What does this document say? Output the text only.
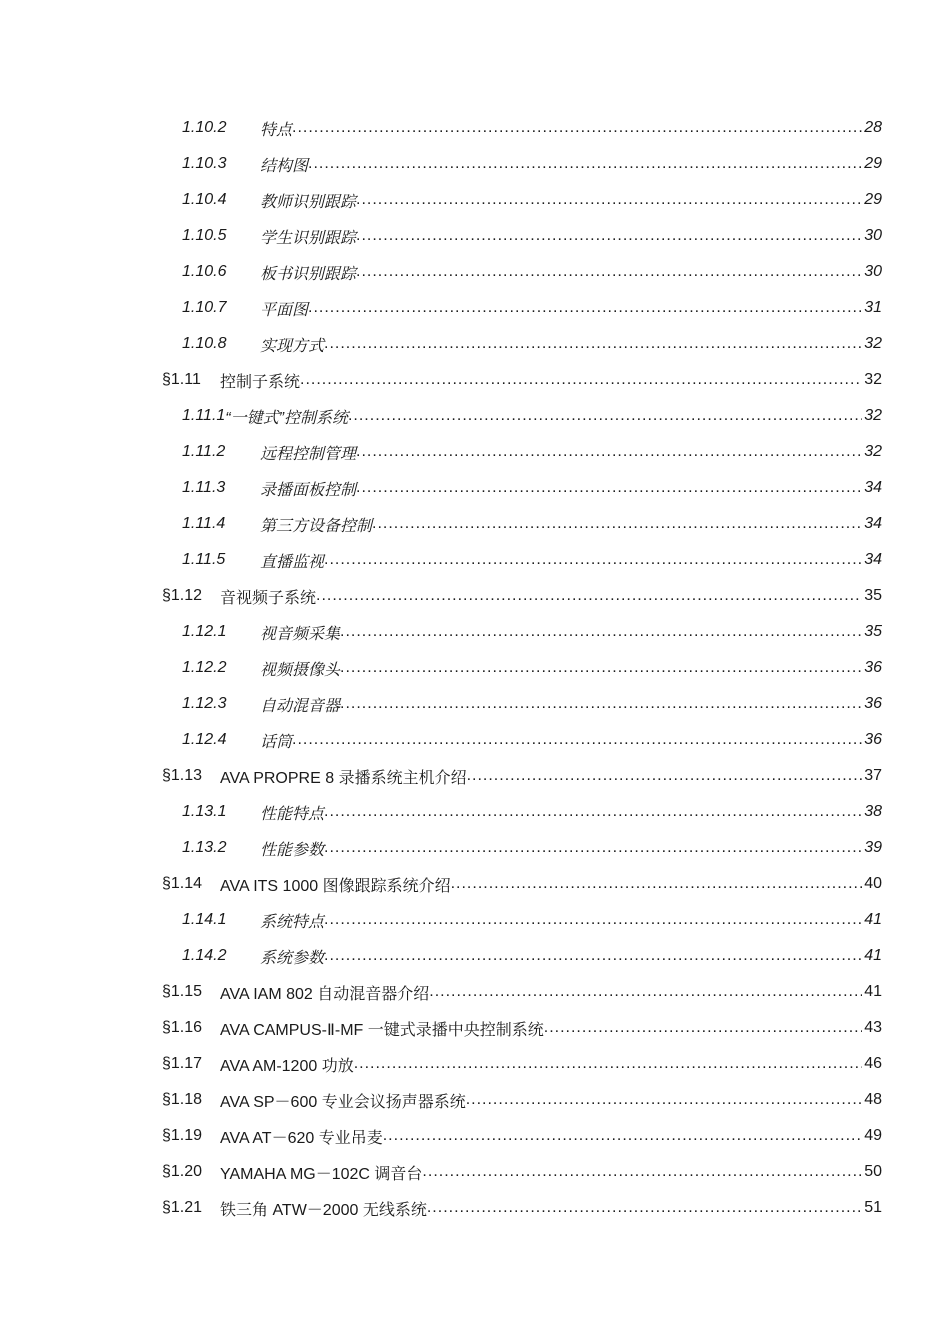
1.10.2	特点 .....	28
1.10.3	结构图 .....	29
1.10.4	教师识别跟踪 .....	29
1.10.5	学生识别跟踪 .....	30
1.10.6	板书识别跟踪 .....	30
1.10.7	平面图 .....	31
1.10.8	实现方式 .....	32
§1.11	控制子系统 .....	32
1.11.1 “一键式”控制系统 .....	32
1.11.2	远程控制管理 .....	32
1.11.3	录播面板控制 .....	34
1.11.4	第三方设备控制 .....	34
1.11.5	直播监视 .....	34
§1.12	音视频子系统 .....	35
1.12.1	视音频采集 .....	35
1.12.2	视频摄像头 .....	36
1.12.3	自动混音器 .....	36
1.12.4	话筒 .....	36
§1.13	AVA PROPRE 8 录播系统主机介绍 .....	37
1.13.1	性能特点 .....	38
1.13.2	性能参数 .....	39
§1.14	AVA ITS 1000 图像跟踪系统介绍 .....	40
1.14.1	系统特点 .....	41
1.14.2	系统参数 .....	41
§1.15	AVA IAM 802 自动混音器介绍 .....	41
§1.16	AVA CAMPUS-Ⅱ-MF 一键式录播中央控制系统 .....	43
§1.17	AVA AM-1200 功放 .....	46
§1.18	AVA SP－600 专业会议扬声器系统 .....	48
§1.19	AVA AT－620 专业吊麦 .....	49
§1.20	YAMAHA MG－102C 调音台 .....	50
§1.21	铁三角 ATW－2000 无线系统 .....	51
